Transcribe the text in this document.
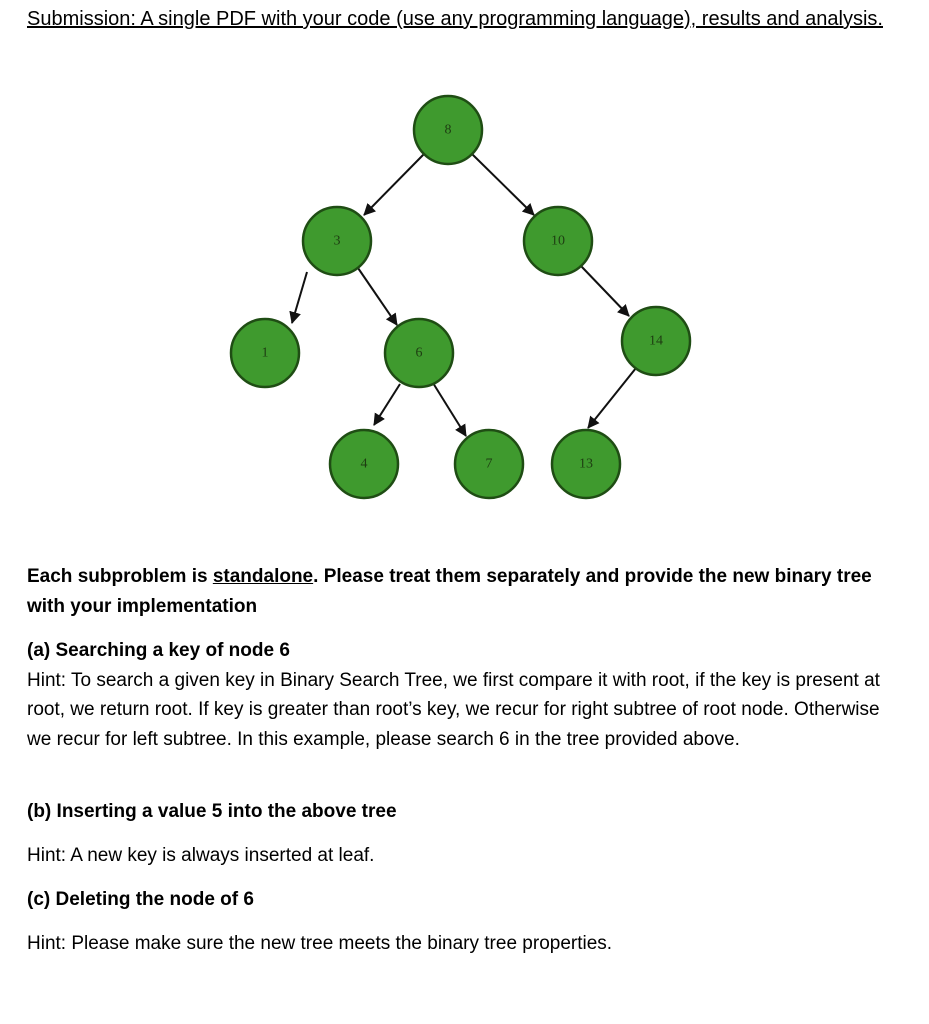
Submission: A single PDF with your code (use any programming language), results and analysis.
8
3	10
1	6
14
4	7	13
Each subproblem is standalone. Please treat them separately and provide the new binary tree with your implementation
(a) Searching a key of node 6
Hint: To search a given key in Binary Search Tree, we first compare it with root, if the key is present at root, we return root. If key is greater than root’s key, we recur for right subtree of root node. Otherwise we recur for left subtree. In this example, please search 6 in the tree provided above.
(b) Inserting a value 5 into the above tree
Hint: A new key is always inserted at leaf.
(c) Deleting the node of 6
Hint: Please make sure the new tree meets the binary tree properties.
